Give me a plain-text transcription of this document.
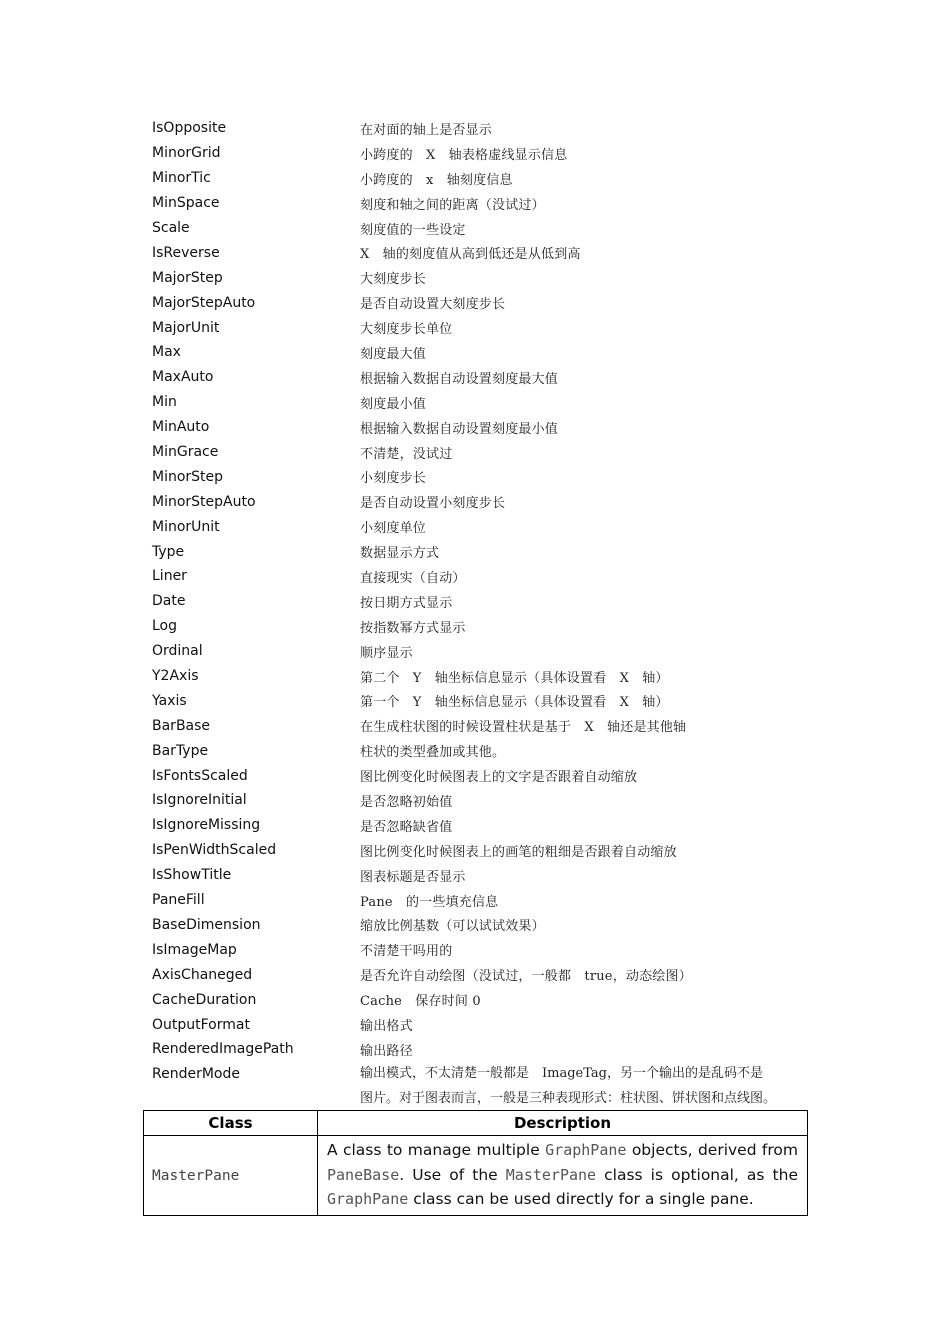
IsOpposite	在对面的轴上是否显示
MinorGrid	小跨度的　X　轴表格虚线显示信息
MinorTic	小跨度的　x　轴刻度信息
MinSpace	刻度和轴之间的距离（没试过）
Scale	刻度值的一些设定
IsReverse	X　轴的刻度值从高到低还是从低到高
MajorStep	大刻度步长
MajorStepAuto	是否自动设置大刻度步长
MajorUnit	大刻度步长单位
Max	刻度最大值
MaxAuto	根据输入数据自动设置刻度最大值
Min	刻度最小值
MinAuto	根据输入数据自动设置刻度最小值
MinGrace	不清楚，没试过
MinorStep	小刻度步长
MinorStepAuto	是否自动设置小刻度步长
MinorUnit	小刻度单位
Type	数据显示方式
Liner	直接现实（自动）
Date	按日期方式显示
Log	按指数幂方式显示
Ordinal	顺序显示
Y2Axis	第二个　Y　轴坐标信息显示（具体设置看　X　轴）
Yaxis	第一个　Y　轴坐标信息显示（具体设置看　X　轴）
BarBase	在生成柱状图的时候设置柱状是基于　X　轴还是其他轴
BarType	柱状的类型叠加或其他。
IsFontsScaled	图比例变化时候图表上的文字是否跟着自动缩放
IsIgnoreInitial	是否忽略初始值
IsIgnoreMissing	是否忽略缺省值
IsPenWidthScaled	图比例变化时候图表上的画笔的粗细是否跟着自动缩放
IsShowTitle	图表标题是否显示
PaneFill	Pane　的一些填充信息
BaseDimension	缩放比例基数（可以试试效果）
IsImageMap	不清楚干吗用的
AxisChaneged	是否允许自动绘图（没试过，一般都　true，动态绘图）
CacheDuration	Cache　保存时间 0
OutputFormat	输出格式
RenderedImagePath	输出路径
RenderMode	输出模式，不太清楚一般都是　ImageTag，另一个输出的是乱码不是
图片。对于图表而言，一般是三种表现形式：柱状图、饼状图和点线图。
Class	Description
MasterPane	A class to manage multiple GraphPane objects, derived from PaneBase. Use of the MasterPane class is optional, as the GraphPane class can be used directly for a single pane.
